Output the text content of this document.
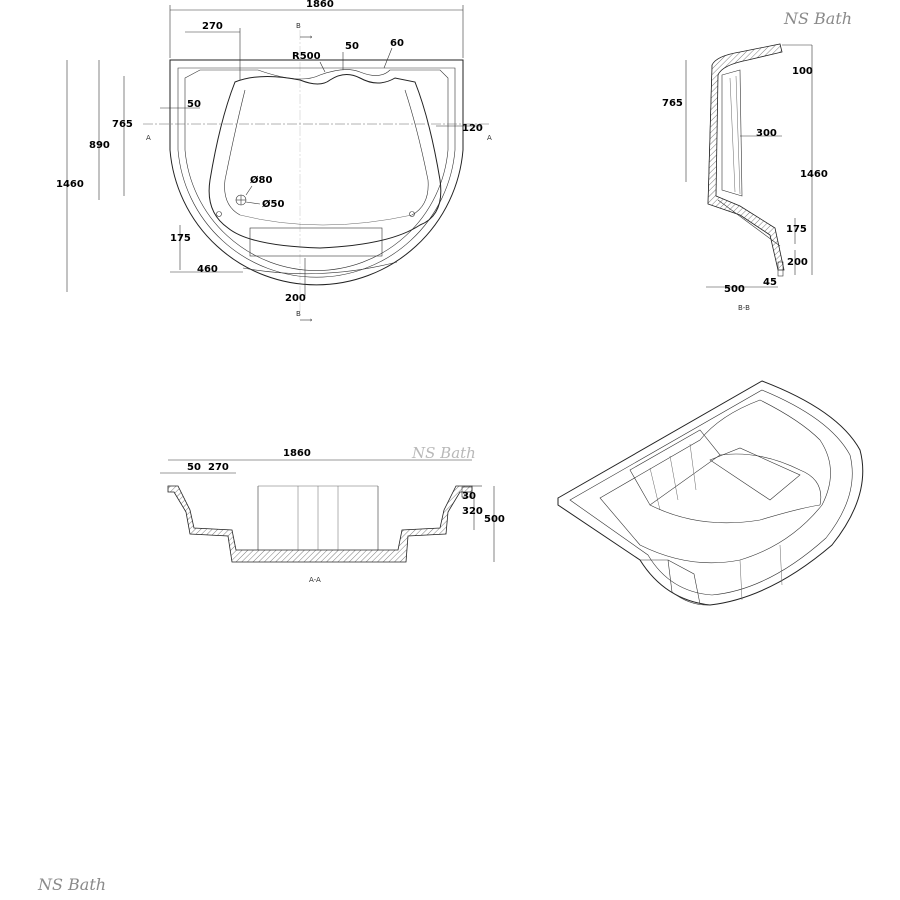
B
B
A	A
1860
270
R500
50	60
50
120
765
890
1460	Ø80
Ø50
175
460
200
NS Bath
765
100
300
1460
175
200
500
45
B-B
1860
50 270
30
320
500
A-A
NS Bath
NS Bath
